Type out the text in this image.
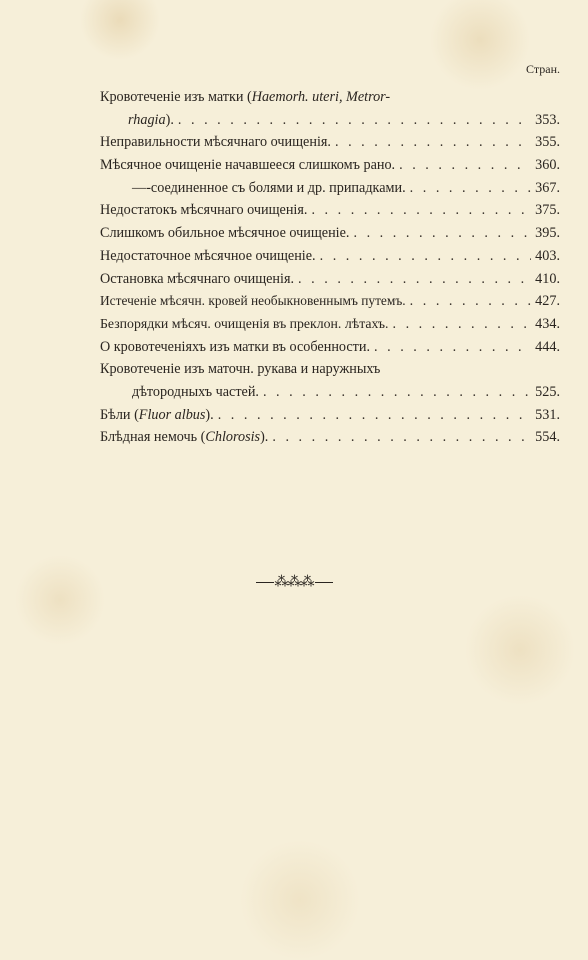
Стран.
Кровотеченіе изъ матки (Haemorh. uteri, Metror-
rhagia). . . .	353.
Неправильности мѣсячнаго очищенія. . . .	355.
Мѣсячное очищеніе начавшееся слишкомъ рано. . . .	360.
—-соединенное съ болями и др. припадками. . . .	367.
Недостатокъ мѣсячнаго очищенія. . . .	375.
Слишкомъ обильное мѣсячное очищеніе. . . .	395.
Недостаточное мѣсячное очищеніе. . . .	403.
Остановка мѣсячнаго очищенія. . . .	410.
Истеченіе мѣсячн. кровей необыкновеннымъ путемъ. . . .	427.
Безпорядки мѣсяч. очищенія въ преклон. лѣтахъ. . . .	434.
О кровотеченіяхъ изъ матки въ особенности. . . .	444.
Кровотеченіе изъ маточн. рукава и наружныхъ
дѣтородныхъ частей. . . .	525.
Бѣли (Fluor albus). . . .	531.
Блѣдная немочь (Chlorosis). . . .	554.
⁂⁂⁂
